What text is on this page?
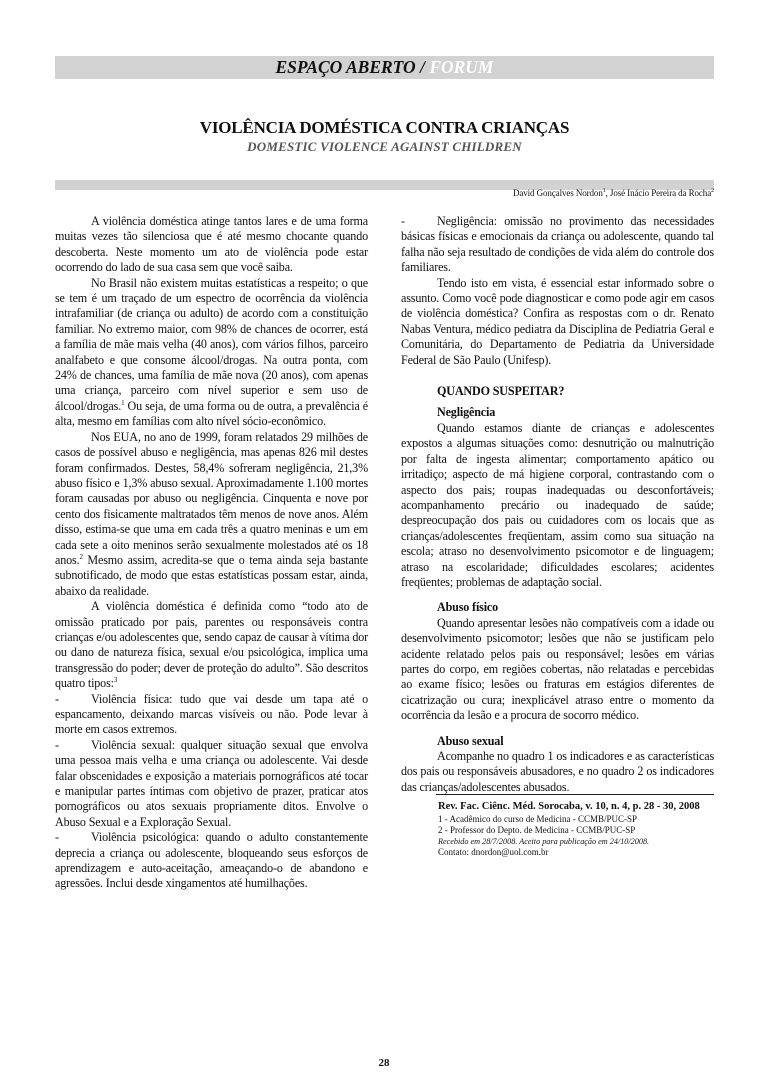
ESPAÇO ABERTO / FORUM
VIOLÊNCIA DOMÉSTICA CONTRA CRIANÇAS
DOMESTIC VIOLENCE AGAINST CHILDREN
David Gonçalves Nordon$^1$, José Inácio Pereira da Rocha$^2$

A violência doméstica atinge tantos lares e de uma forma muitas vezes tão silenciosa que é até mesmo chocante quando descoberta. Neste momento um ato de violência pode estar ocorrendo do lado de sua casa sem que você saiba.

No Brasil não existem muitas estatísticas a respeito; o que se tem é um traçado de um espectro de ocorrência da violência intrafamiliar (de criança ou adulto) de acordo com a constituição familiar. No extremo maior, com 98% de chances de ocorrer, está a família de mãe mais velha (40 anos), com vários filhos, parceiro analfabeto e que consome álcool/drogas. Na outra ponta, com 24% de chances, uma família de mãe nova (20 anos), com apenas uma criança, parceiro com nível superior e sem uso de álcool/drogas.$^1$ Ou seja, de uma forma ou de outra, a prevalência é alta, mesmo em famílias com alto nível sócio-econômico.

Nos EUA, no ano de 1999, foram relatados 29 milhões de casos de possível abuso e negligência, mas apenas 826 mil destes foram confirmados. Destes, 58,4% sofreram negligência, 21,3% abuso físico e 1,3% abuso sexual. Aproximadamente 1.100 mortes foram causadas por abuso ou negligência. Cinquenta e nove por cento dos fisicamente maltratados têm menos de nove anos. Além disso, estima-se que uma em cada três a quatro meninas e um em cada sete a oito meninos serão sexualmente molestados até os 18 anos.$^2$ Mesmo assim, acredita-se que o tema ainda seja bastante subnotificado, de modo que estas estatísticas possam estar, ainda, abaixo da realidade.

A violência doméstica é definida como “todo ato de omissão praticado por pais, parentes ou responsáveis contra crianças e/ou adolescentes que, sendo capaz de causar à vítima dor ou dano de natureza física, sexual e/ou psicológica, implica uma transgressão do poder; dever de proteção do adulto”. São descritos quatro tipos:$^3$

-	Violência física: tudo que vai desde um tapa até o espancamento, deixando marcas visíveis ou não. Pode levar à morte em casos extremos.

-	Violência sexual: qualquer situação sexual que envolva uma pessoa mais velha e uma criança ou adolescente. Vai desde falar obscenidades e exposição a materiais pornográficos até tocar e manipular partes íntimas com objetivo de prazer, praticar atos pornográficos ou atos sexuais propriamente ditos. Envolve o Abuso Sexual e a Exploração Sexual.

-	Violência psicológica: quando o adulto constantemente deprecia a criança ou adolescente, bloqueando seus esforços de aprendizagem e auto-aceitação, ameaçando-o de abandono e agressões. Inclui desde xingamentos até humilhações.

-	Negligência: omissão no provimento das necessidades básicas físicas e emocionais da criança ou adolescente, quando tal falha não seja resultado de condições de vida além do controle dos familiares.

Tendo isto em vista, é essencial estar informado sobre o assunto. Como você pode diagnosticar e como pode agir em casos de violência doméstica? Confira as respostas com o dr. Renato Nabas Ventura, médico pediatra da Disciplina de Pediatria Geral e Comunitária, do Departamento de Pediatria da Universidade Federal de São Paulo (Unifesp).

QUANDO SUSPEITAR?

Negligência

Quando estamos diante de crianças e adolescentes expostos a algumas situações como: desnutrição ou malnutrição por falta de ingesta alimentar; comportamento apático ou irritadiço; aspecto de má higiene corporal, contrastando com o aspecto dos pais; roupas inadequadas ou desconfortáveis; acompanhamento precário ou inadequado de saúde; despreocupação dos pais ou cuidadores com os locais que as crianças/adolescentes freqüentam, assim como sua situação na escola; atraso no desenvolvimento psicomotor e de linguagem; atraso na escolaridade; dificuldades escolares; acidentes freqüentes; problemas de adaptação social.

Abuso físico

Quando apresentar lesões não compatíveis com a idade ou desenvolvimento psicomotor; lesões que não se justificam pelo acidente relatado pelos pais ou responsável; lesões em várias partes do corpo, em regiões cobertas, não relatadas e percebidas ao exame físico; lesões ou fraturas em estágios diferentes de cicatrização ou cura; inexplicável atraso entre o momento da ocorrência da lesão e a procura de socorro médico.

Abuso sexual

Acompanhe no quadro 1 os indicadores e as características dos pais ou responsáveis abusadores, e no quadro 2 os indicadores das crianças/adolescentes abusados.

Rev. Fac. Ciênc. Méd. Sorocaba, v. 10, n. 4, p. 28 - 30, 2008
1 - Acadêmico do curso de Medicina - CCMB/PUC-SP
2 - Professor do Depto. de Medicina - CCMB/PUC-SP
Recebido em 28/7/2008. Aceito para publicação em 24/10/2008.
Contato: dnordon@uol.com.br
28
